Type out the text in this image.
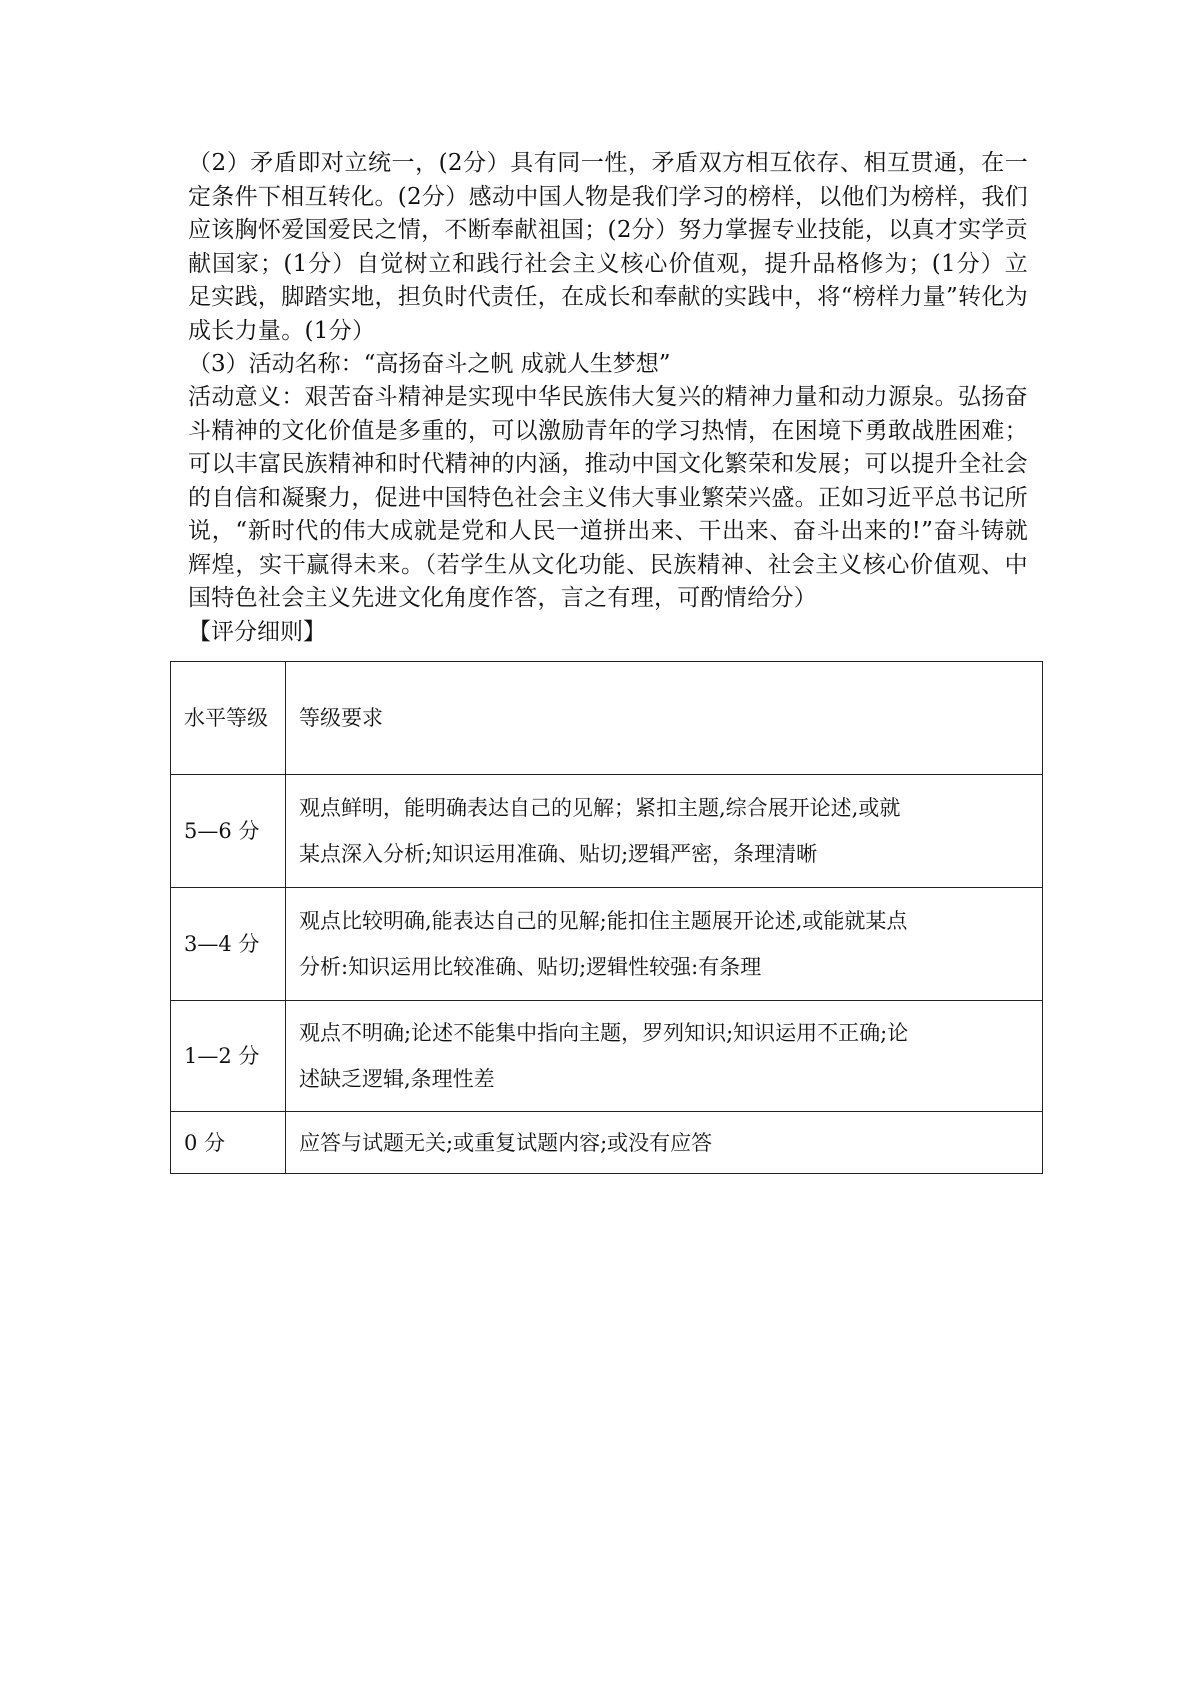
（2）矛盾即对立统一，(2分）具有同一性，矛盾双方相互依存、相互贯通，在一定条件下相互转化。(2分）感动中国人物是我们学习的榜样，以他们为榜样，我们应该胸怀爱国爱民之情，不断奉献祖国；(2分）努力掌握专业技能，以真才实学贡献国家；(1分）自觉树立和践行社会主义核心价值观，提升品格修为；(1分）立足实践，脚踏实地，担负时代责任，在成长和奉献的实践中，将“榜样力量”转化为成长力量。(1分）

（3）活动名称：“高扬奋斗之帆 成就人生梦想”

活动意义：艰苦奋斗精神是实现中华民族伟大复兴的精神力量和动力源泉。弘扬奋斗精神的文化价值是多重的，可以激励青年的学习热情，在困境下勇敢战胜困难；可以丰富民族精神和时代精神的内涵，推动中国文化繁荣和发展；可以提升全社会的自信和凝聚力，促进中国特色社会主义伟大事业繁荣兴盛。正如习近平总书记所说，“新时代的伟大成就是党和人民一道拼出来、干出来、奋斗出来的!”奋斗铸就辉煌，实干赢得未来。（若学生从文化功能、民族精神、社会主义核心价值观、中国特色社会主义先进文化角度作答，言之有理，可酌情给分）

【评分细则】

水平等级	等级要求

5—6 分	观点鲜明，能明确表达自己的见解；紧扣主题,综合展开论述,或就
某点深入分析;知识运用准确、贴切;逻辑严密，条理清晰

3—4 分	观点比较明确,能表达自己的见解;能扣住主题展开论述,或能就某点
分析:知识运用比较准确、贴切;逻辑性较强:有条理

1—2 分	观点不明确;论述不能集中指向主题，罗列知识;知识运用不正确;论
述缺乏逻辑,条理性差

0 分	应答与试题无关;或重复试题内容;或没有应答
